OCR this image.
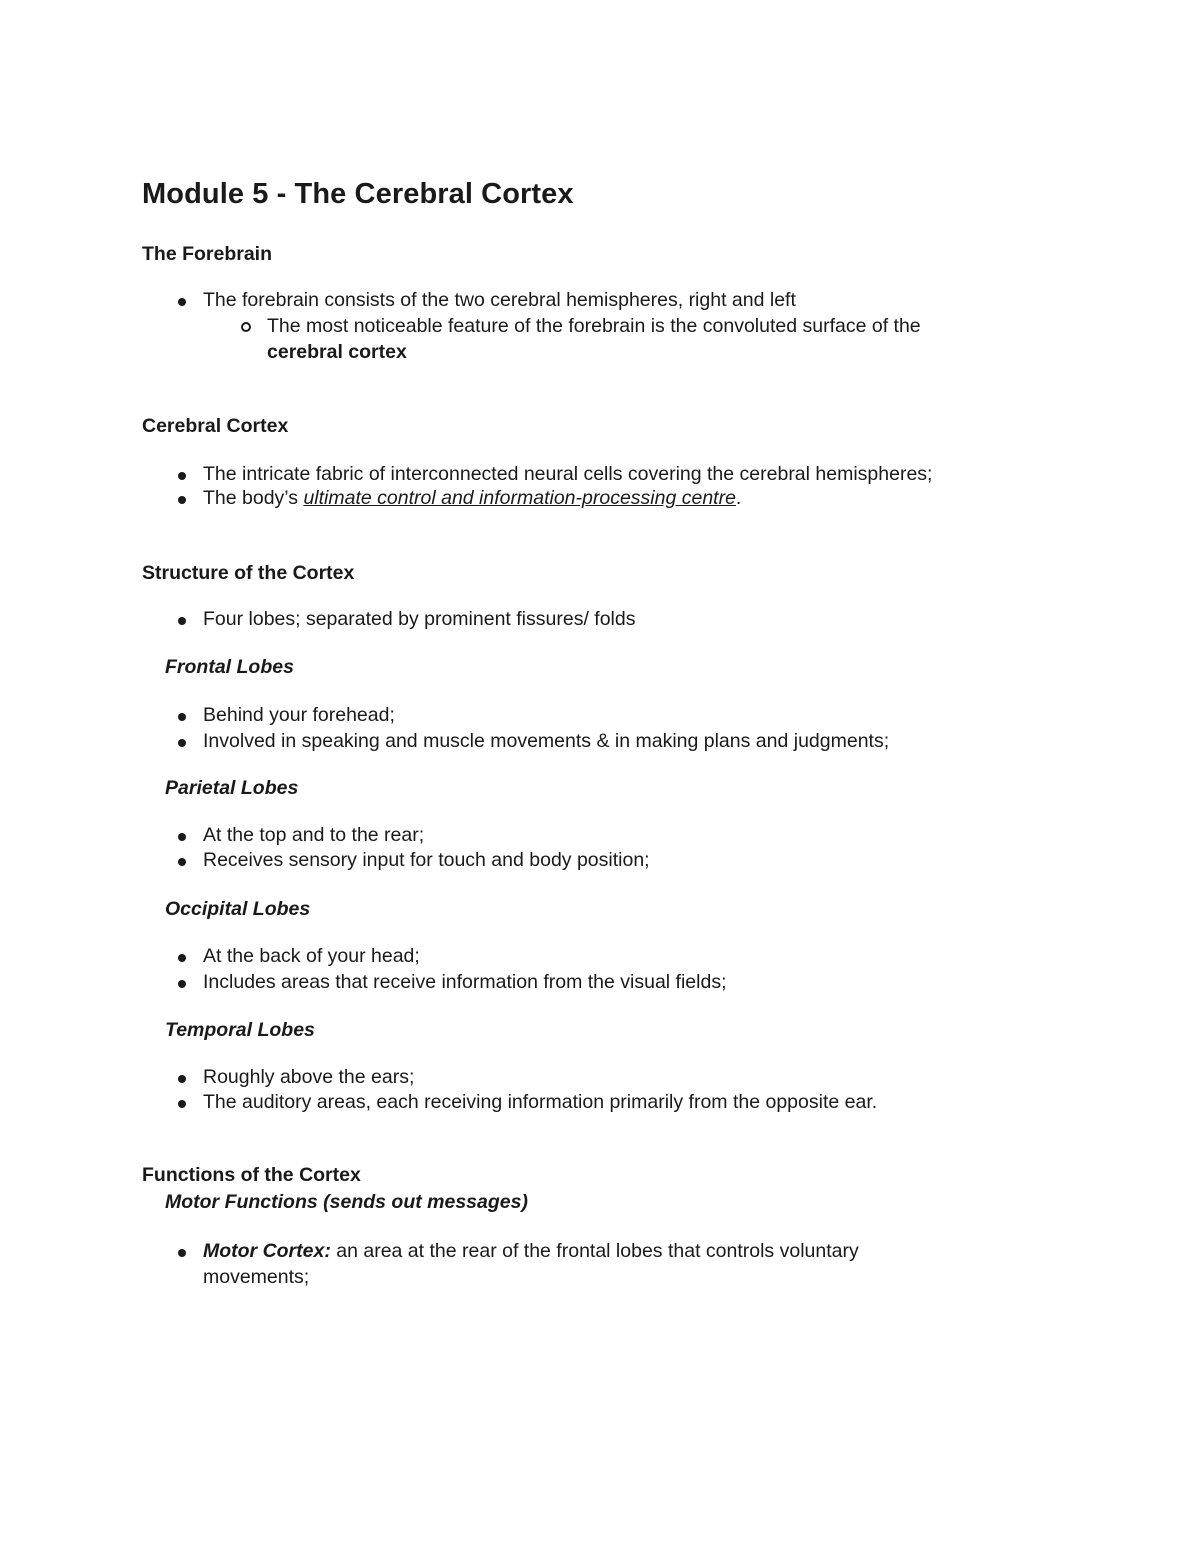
Module 5 - The Cerebral Cortex
The Forebrain

The forebrain consists of the two cerebral hemispheres, right and left

The most noticeable feature of the forebrain is the convoluted surface of the

cerebral cortex

Cerebral Cortex

The intricate fabric of interconnected neural cells covering the cerebral hemispheres;

The body’s ultimate control and information-processing centre.

Structure of the Cortex

Four lobes; separated by prominent fissures/ folds

Frontal Lobes

Behind your forehead;

Involved in speaking and muscle movements & in making plans and judgments;

Parietal Lobes

At the top and to the rear;

Receives sensory input for touch and body position;

Occipital Lobes

At the back of your head;

Includes areas that receive information from the visual fields;

Temporal Lobes

Roughly above the ears;

The auditory areas, each receiving information primarily from the opposite ear.

Functions of the Cortex
Motor Functions (sends out messages)

Motor Cortex: an area at the rear of the frontal lobes that controls voluntary

movements;
